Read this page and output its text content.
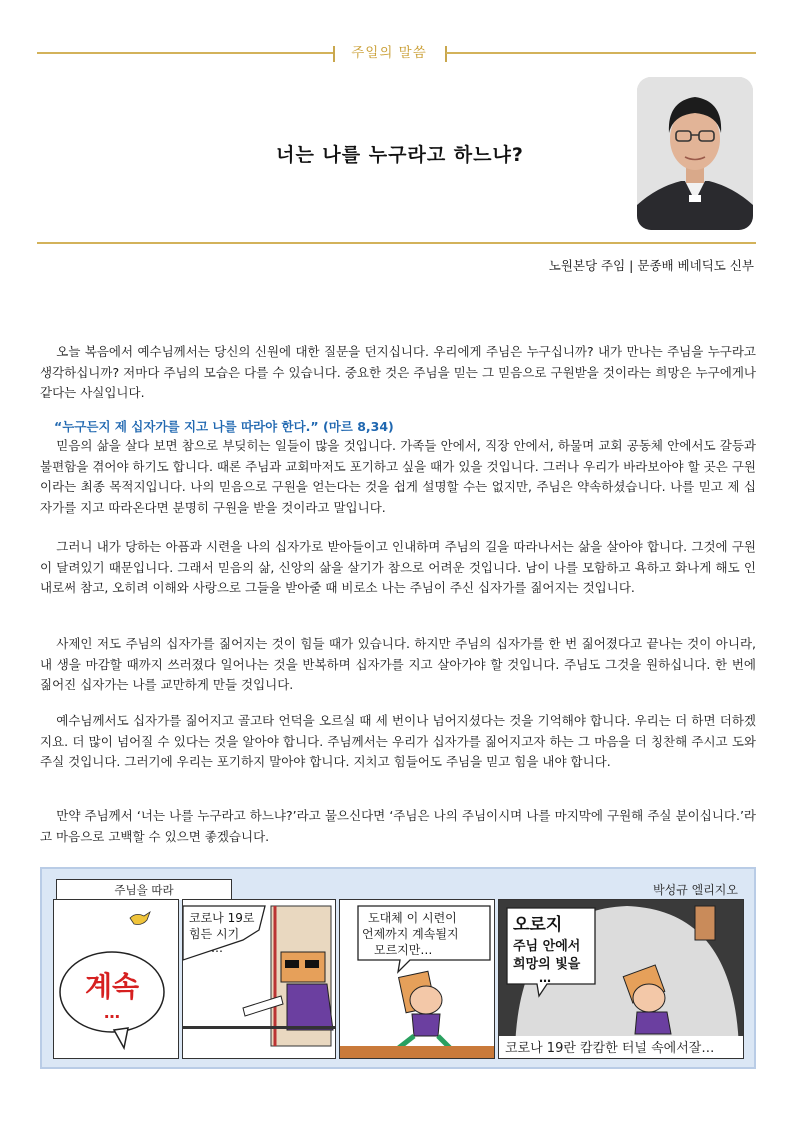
주일의 말씀
너는 나를 누구라고 하느냐?
노원본당 주임 | 문종배 베네딕도 신부

오늘 복음에서 예수님께서는 당신의 신원에 대한 질문을 던지십니다. 우리에게 주님은 누구십니까? 내가 만나는 주님을 누구라고 생각하십니까? 저마다 주님의 모습은 다를 수 있습니다. 중요한 것은 주님을 믿는 그 믿음으로 구원받을 것이라는 희망은 누구에게나 같다는 사실입니다.

“누구든지 제 십자가를 지고 나를 따라야 한다.” (마르 8,34)

믿음의 삶을 살다 보면 참으로 부딪히는 일들이 많을 것입니다. 가족들 안에서, 직장 안에서, 하물며 교회 공동체 안에서도 갈등과 불편함을 겪어야 하기도 합니다. 때론 주님과 교회마저도 포기하고 싶을 때가 있을 것입니다. 그러나 우리가 바라보아야 할 곳은 구원이라는 최종 목적지입니다. 나의 믿음으로 구원을 얻는다는 것을 쉽게 설명할 수는 없지만, 주님은 약속하셨습니다. 나를 믿고 제 십자가를 지고 따라온다면 분명히 구원을 받을 것이라고 말입니다.

그러니 내가 당하는 아픔과 시련을 나의 십자가로 받아들이고 인내하며 주님의 길을 따라나서는 삶을 살아야 합니다. 그것에 구원이 달려있기 때문입니다. 그래서 믿음의 삶, 신앙의 삶을 살기가 참으로 어려운 것입니다. 남이 나를 모함하고 욕하고 화나게 해도 인내로써 참고, 오히려 이해와 사랑으로 그들을 받아줄 때 비로소 나는 주님이 주신 십자가를 짊어지는 것입니다.

사제인 저도 주님의 십자가를 짊어지는 것이 힘들 때가 있습니다. 하지만 주님의 십자가를 한 번 짊어졌다고 끝나는 것이 아니라, 내 생을 마감할 때까지 쓰러졌다 일어나는 것을 반복하며 십자가를 지고 살아가야 할 것입니다. 주님도 그것을 원하십니다. 한 번에 짊어진 십자가는 나를 교만하게 만들 것입니다.

예수님께서도 십자가를 짊어지고 골고타 언덕을 오르실 때 세 번이나 넘어지셨다는 것을 기억해야 합니다. 우리는 더 하면 더하겠지요. 더 많이 넘어질 수 있다는 것을 알아야 합니다. 주님께서는 우리가 십자가를 짊어지고자 하는 그 마음을 더 칭찬해 주시고 도와주실 것입니다. 그러기에 우리는 포기하지 말아야 합니다. 지치고 힘들어도 주님을 믿고 힘을 내야 합니다.

만약 주님께서 ‘너는 나를 누구라고 하느냐?’라고 물으신다면 ‘주님은 나의 주님이시며 나를 마지막에 구원해 주실 분이십니다.’라고 마음으로 고백할 수 있으면 좋겠습니다.

주님을 따라	박성규 엘리지오
계속
…
코로나 19로
힘든 시기
…
도대체 이 시련이
언제까지 계속될지
모르지만…
오로지
주님 안에서
희망의 빛을
…
코로나 19란 캄캄한 터널 속에서잘…
